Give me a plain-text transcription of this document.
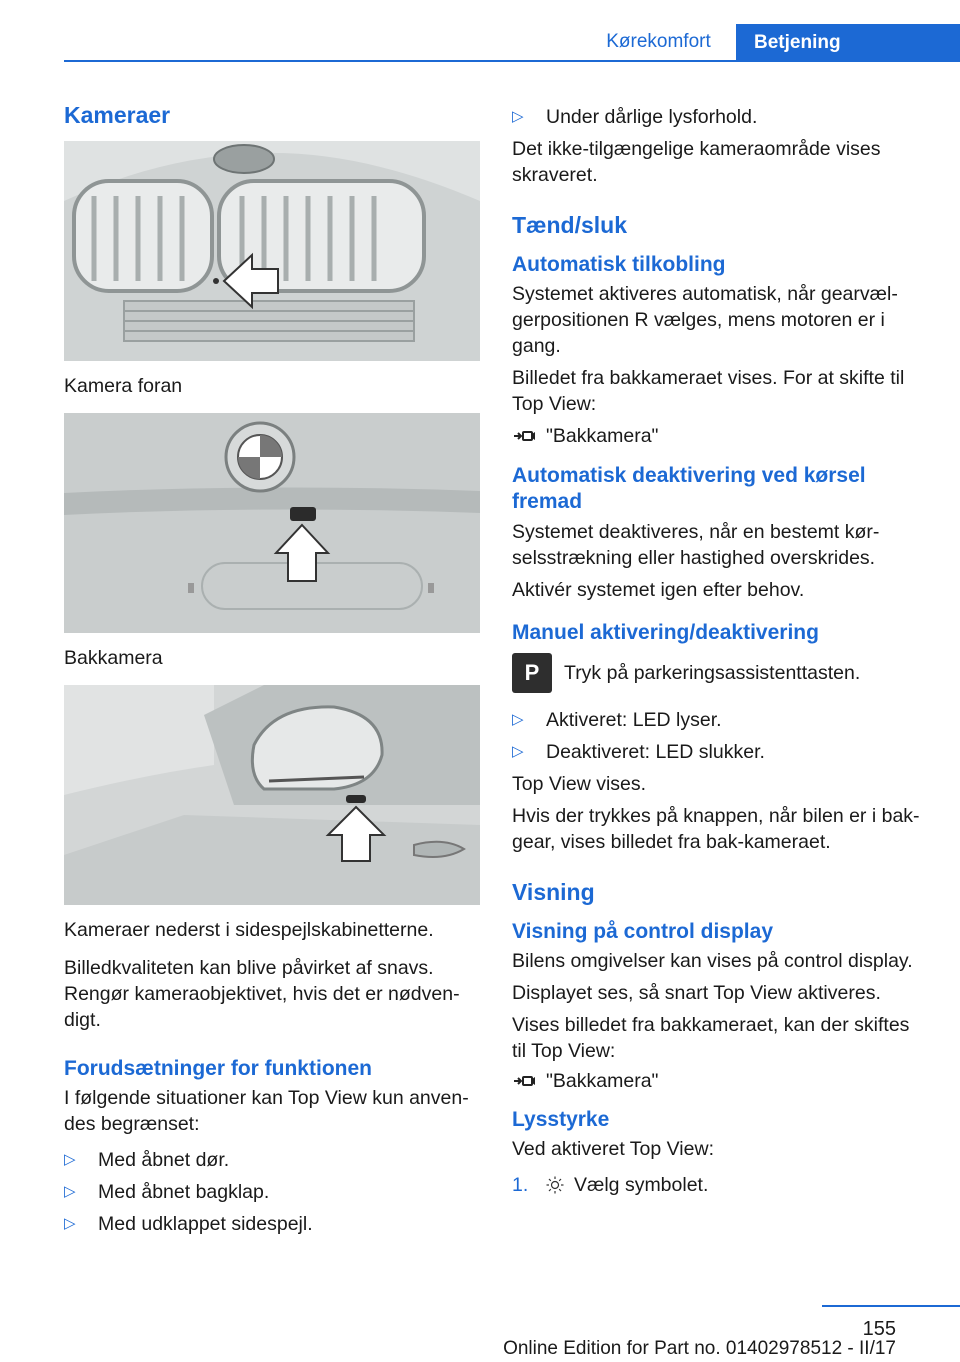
Kørekomfort	Betjening
Kameraer

Kamera foran

Bakkamera

Kameraer nederst i sidespejlskabinetterne.

Billedkvaliteten kan blive påvirket af snavs. Rengør kameraobjektivet, hvis det er nødven‐digt.

Forudsætninger for funktionen

I følgende situationer kan Top View kun anven‐des begrænset:

▷	Med åbnet dør.
▷	Med åbnet bagklap.
▷	Med udklappet sidespejl.
▷	Under dårlige lysforhold.

Det ikke-tilgængelige kameraområde vises skraveret.

Tænd/sluk
Automatisk tilkobling

Systemet aktiveres automatisk, når gearvæl‐gerpositionen R vælges, mens motoren er i gang.

Billedet fra bakkameraet vises. For at skifte til Top View:

"Bakkamera"
Automatisk deaktivering ved kørsel fremad

Systemet deaktiveres, når en bestemt kør‐selsstrækning eller hastighed overskrides.

Aktivér systemet igen efter behov.

Manuel aktivering/deaktivering
P	Tryk på parkeringsassistenttasten.
▷	Aktiveret: LED lyser.
▷	Deaktiveret: LED slukker.

Top View vises.

Hvis der trykkes på knappen, når bilen er i bak‐gear, vises billedet fra bak-kameraet.

Visning
Visning på control display

Bilens omgivelser kan vises på control display.

Displayet ses, så snart Top View aktiveres.

Vises billedet fra bakkameraet, kan der skiftes til Top View:

"Bakkamera"
Lysstyrke

Ved aktiveret Top View:

1.	Vælg symbolet.
155
Online Edition for Part no. 01402978512 - II/17
